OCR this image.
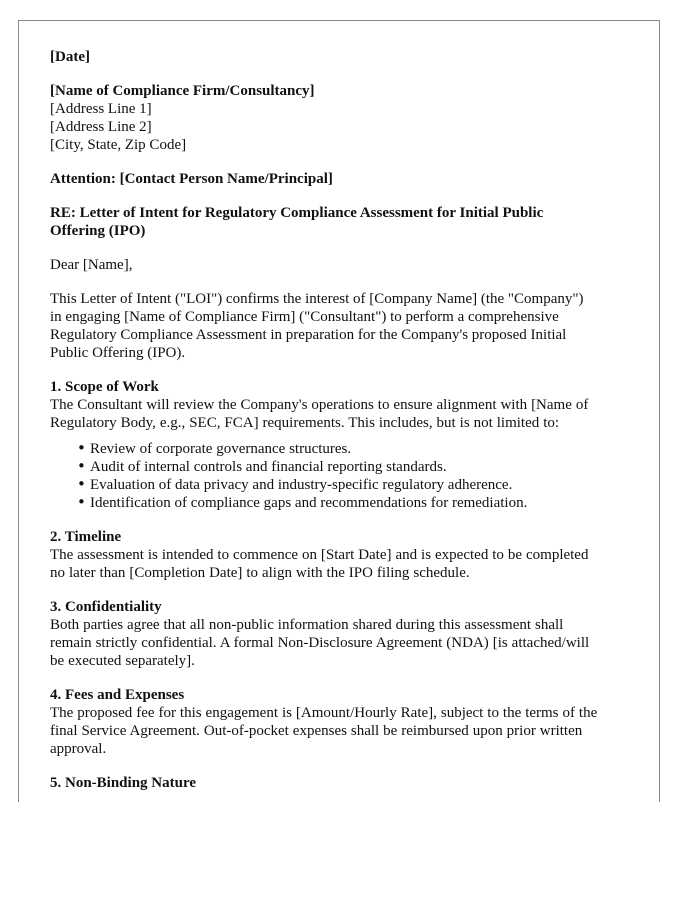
[Date]
[Name of Compliance Firm/Consultancy]
[Address Line 1]
[Address Line 2]
[City, State, Zip Code]
Attention: [Contact Person Name/Principal]
RE: Letter of Intent for Regulatory Compliance Assessment for Initial Public
Offering (IPO)
Dear [Name],
This Letter of Intent ("LOI") confirms the interest of [Company Name] (the "Company")
in engaging [Name of Compliance Firm] ("Consultant") to perform a comprehensive
Regulatory Compliance Assessment in preparation for the Company's proposed Initial
Public Offering (IPO).
1. Scope of Work
The Consultant will review the Company's operations to ensure alignment with [Name of
Regulatory Body, e.g., SEC, FCA] requirements. This includes, but is not limited to:
• Review of corporate governance structures.
• Audit of internal controls and financial reporting standards.
• Evaluation of data privacy and industry-specific regulatory adherence.
• Identification of compliance gaps and recommendations for remediation.
2. Timeline
The assessment is intended to commence on [Start Date] and is expected to be completed
no later than [Completion Date] to align with the IPO filing schedule.
3. Confidentiality
Both parties agree that all non-public information shared during this assessment shall
remain strictly confidential. A formal Non-Disclosure Agreement (NDA) [is attached/will
be executed separately].
4. Fees and Expenses
The proposed fee for this engagement is [Amount/Hourly Rate], subject to the terms of the
final Service Agreement. Out-of-pocket expenses shall be reimbursed upon prior written
approval.
5. Non-Binding Nature
